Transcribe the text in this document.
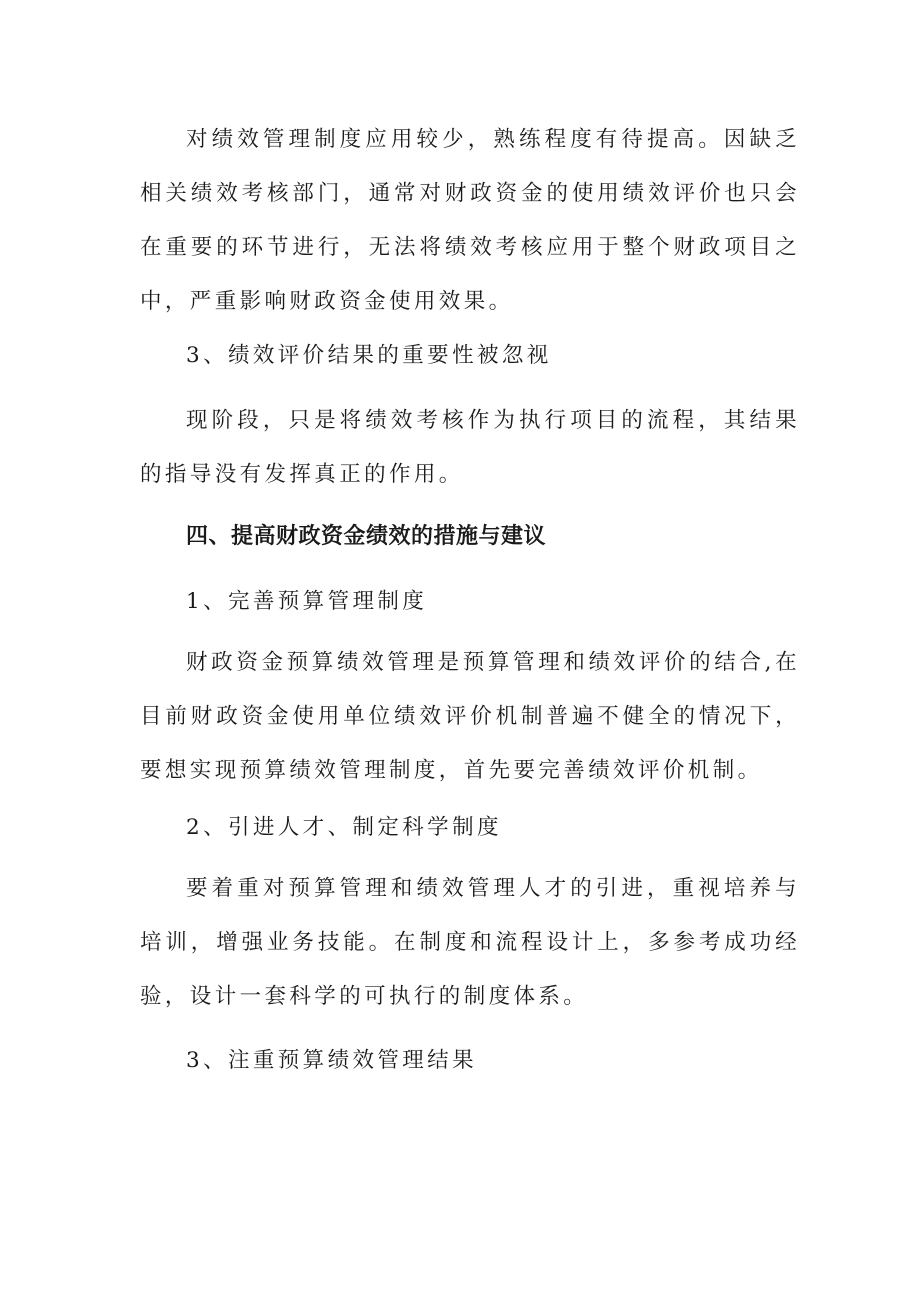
对绩效管理制度应用较少，熟练程度有待提高。因缺乏相关绩效考核部门，通常对财政资金的使用绩效评价也只会在重要的环节进行，无法将绩效考核应用于整个财政项目之中，严重影响财政资金使用效果。

3、绩效评价结果的重要性被忽视

现阶段，只是将绩效考核作为执行项目的流程，其结果的指导没有发挥真正的作用。

四、提高财政资金绩效的措施与建议

1、完善预算管理制度

财政资金预算绩效管理是预算管理和绩效评价的结合,在目前财政资金使用单位绩效评价机制普遍不健全的情况下，要想实现预算绩效管理制度，首先要完善绩效评价机制。

2、引进人才、制定科学制度

要着重对预算管理和绩效管理人才的引进，重视培养与培训，增强业务技能。在制度和流程设计上，多参考成功经验，设计一套科学的可执行的制度体系。

3、注重预算绩效管理结果
